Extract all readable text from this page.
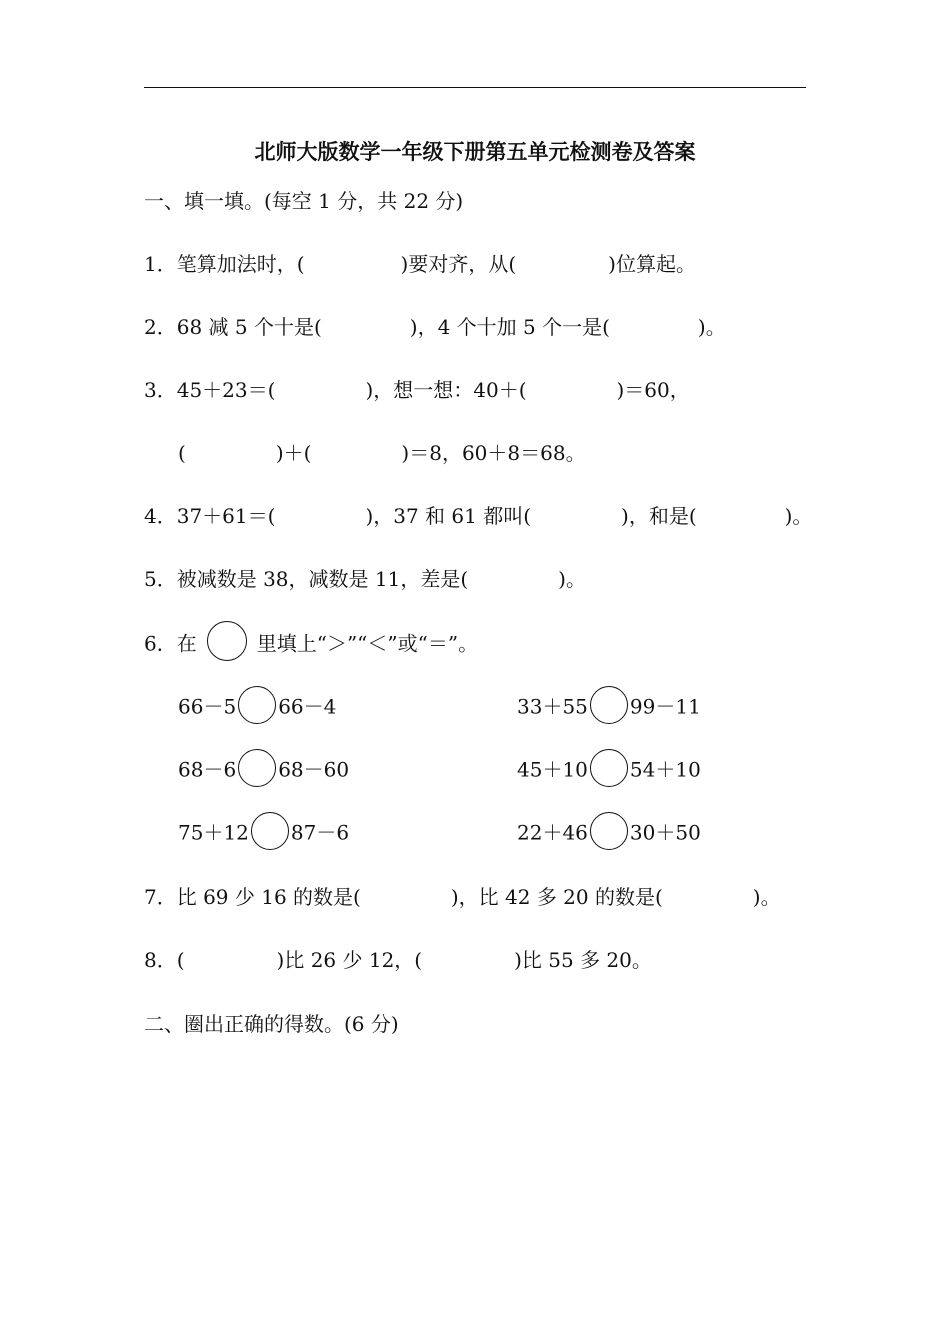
北师大版数学一年级下册第五单元检测卷及答案
一、填一填。(每空 1 分，共 22 分)
1．笔算加法时，(	)要对齐，从(	)位算起。
2．68 减 5 个十是(	)，4 个十加 5 个一是(	)。
3．45＋23＝(	)，想一想：40＋(	)＝60，
(	)＋(	)＝8，60＋8＝68。
4．37＋61＝(	)，37 和 61 都叫(	)，和是(	)。
5．被减数是 38，减数是 11，差是(	)。
6．在	里填上“＞”“＜”或“＝”。
66－5 66－4	33＋55 99－11
68－6 68－60	45＋10 54＋10
75＋12 87－6	22＋46 30＋50
7．比 69 少 16 的数是(	)，比 42 多 20 的数是(	)。
8．(	)比 26 少 12，(	)比 55 多 20。
二、圈出正确的得数。(6 分)
